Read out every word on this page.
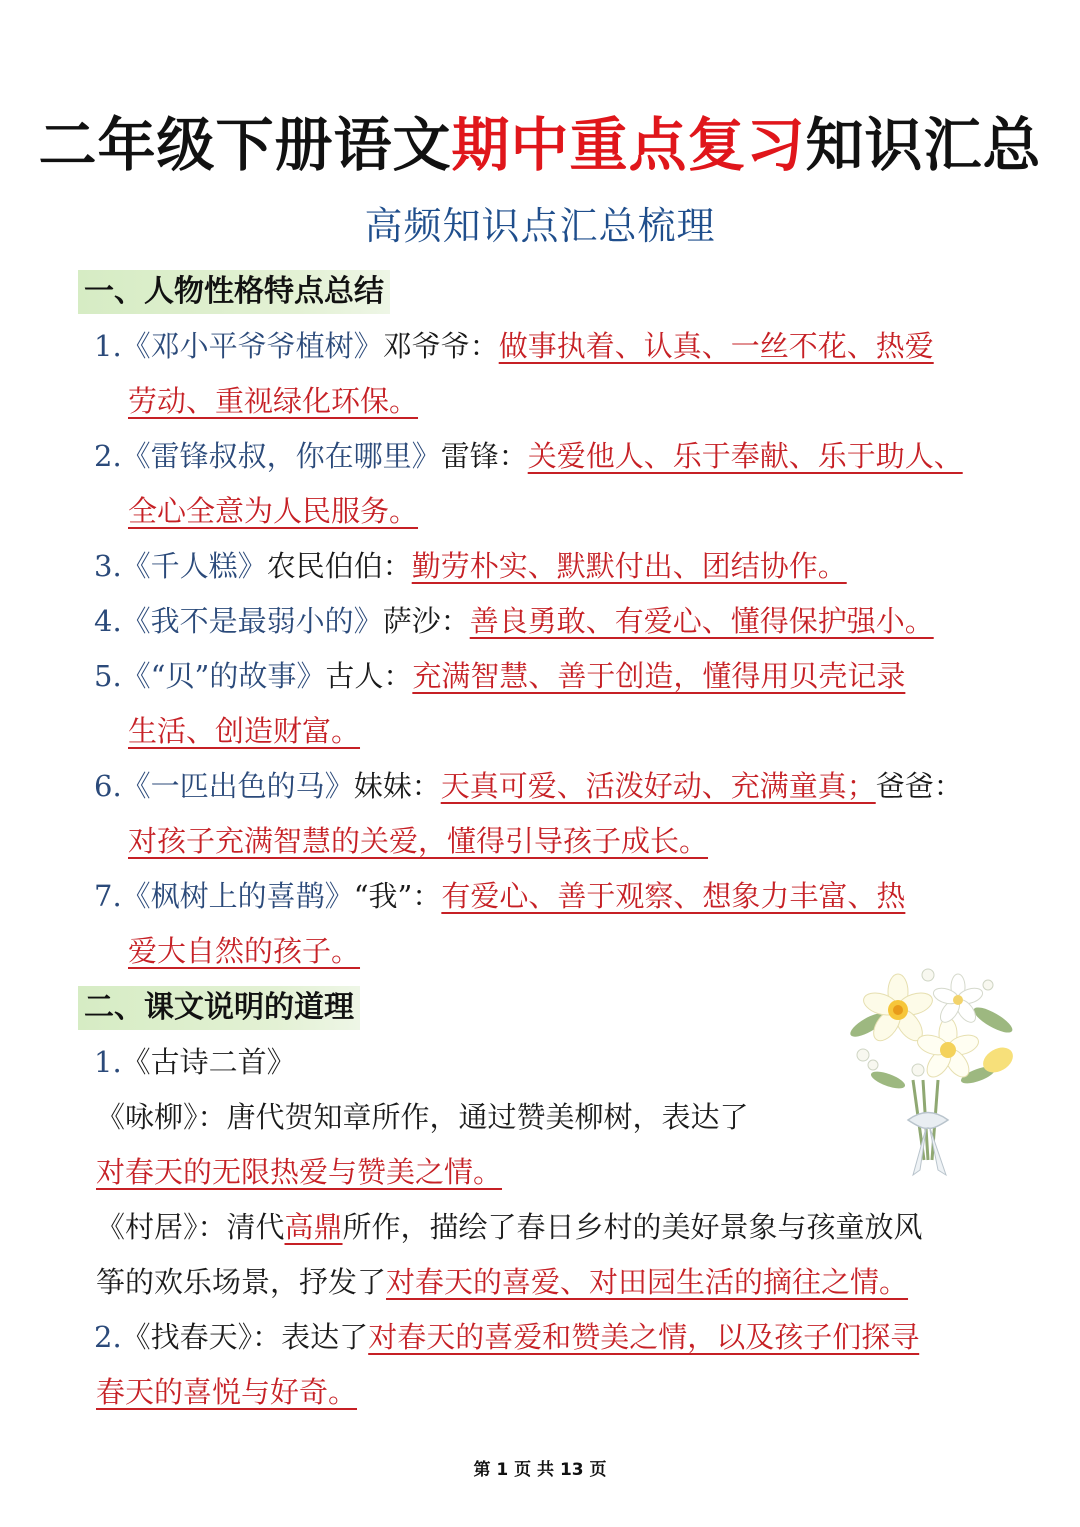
二年级下册语文期中重点复习知识汇总
高频知识点汇总梳理
一、人物性格特点总结
1.《邓小平爷爷植树》邓爷爷：做事执着、认真、一丝不花、热爱
劳动、重视绿化环保。
2.《雷锋叔叔，你在哪里》雷锋：关爱他人、乐于奉献、乐于助人、
全心全意为人民服务。
3.《千人糕》农民伯伯：勤劳朴实、默默付出、团结协作。
4.《我不是最弱小的》萨沙：善良勇敢、有爱心、懂得保护强小。
5.《“贝”的故事》古人：充满智慧、善于创造，懂得用贝壳记录
生活、创造财富。
6.《一匹出色的马》妹妹：天真可爱、活泼好动、充满童真；爸爸：
对孩子充满智慧的关爱，懂得引导孩子成长。
7.《枫树上的喜鹊》“我”：有爱心、善于观察、想象力丰富、热
爱大自然的孩子。
二、课文说明的道理
1.《古诗二首》
《咏柳》：唐代贺知章所作，通过赞美柳树，表达了
对春天的无限热爱与赞美之情。
《村居》：清代高鼎所作，描绘了春日乡村的美好景象与孩童放风
筝的欢乐场景，抒发了对春天的喜爱、对田园生活的摘往之情。
2.《找春天》：表达了对春天的喜爱和赞美之情，以及孩子们探寻
春天的喜悦与好奇。
第 1 页 共 13 页
